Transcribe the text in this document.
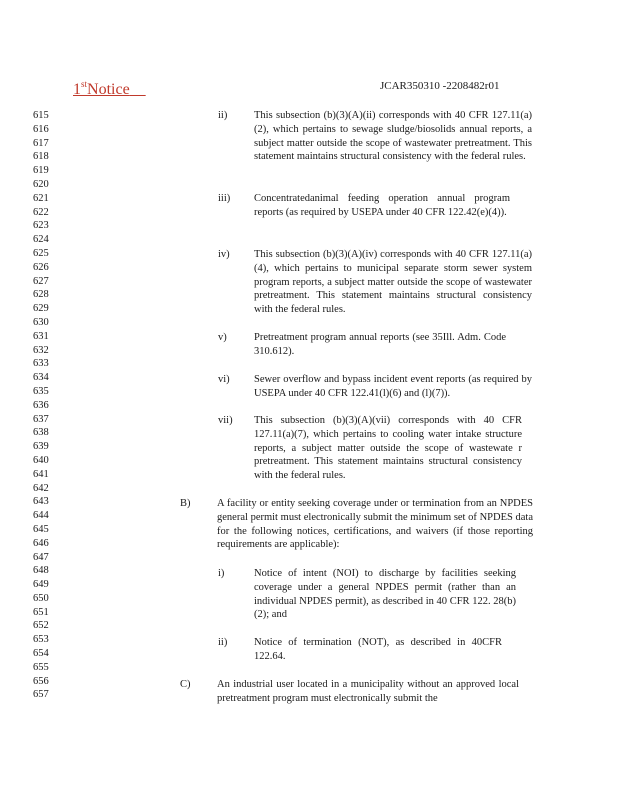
1stNotice	JCAR350310 -2208482r01
615
616
617
618
619
620
621
622
623
624
625
626
627
628
629
630
631
632
633
634
635
636
637
638
639
640
641
642
643
644
645
646
647
648
649
650
651
652
653
654
655
656
657
ii)	This subsection (b)(3)(A)(ii) corresponds with 40 CFR 127.11(a)(2), which pertains to sewage sludge/biosolids annual reports, a subject matter outside the scope of wastewater pretreatment. This statement maintains structural consistency with the federal rules.
iii) Concentratedanimal feeding operation annual program reports (as required by USEPA under 40 CFR 122.42(e)(4)).
iv) This subsection (b)(3)(A)(iv) corresponds with 40 CFR 127.11(a)(4), which pertains to municipal separate storm sewer system program reports, a subject matter outside the scope of wastewater pretreatment. This statement maintains structural consistency with the federal rules.
v)	Pretreatment program annual reports (see 35Ill. Adm. Code 310.612).
vi) Sewer overflow and bypass incident event reports (as required by USEPA under 40 CFR 122.41(l)(6) and (l)(7)).
vii) This subsection (b)(3)(A)(vii) corresponds with 40 CFR 127.11(a)(7), which pertains to cooling water intake structure reports, a subject matter outside the scope of wastewate r pretreatment. This statement maintains structural consistency with the federal rules.
B)	A facility or entity seeking coverage under or termination from an NPDES general permit must electronically submit the minimum set of NPDES data for the following notices, certifications, and waivers (if those reporting requirements are applicable):
i)	Notice of intent (NOI) to discharge by facilities seeking coverage under a general NPDES permit (rather than an individual NPDES permit), as described in 40 CFR 122. 28(b)(2); and
ii)	Notice of termination (NOT), as described in 40CFR 122.64.
C)	An industrial user located in a municipality without an approved local pretreatment program must electronically submit the
